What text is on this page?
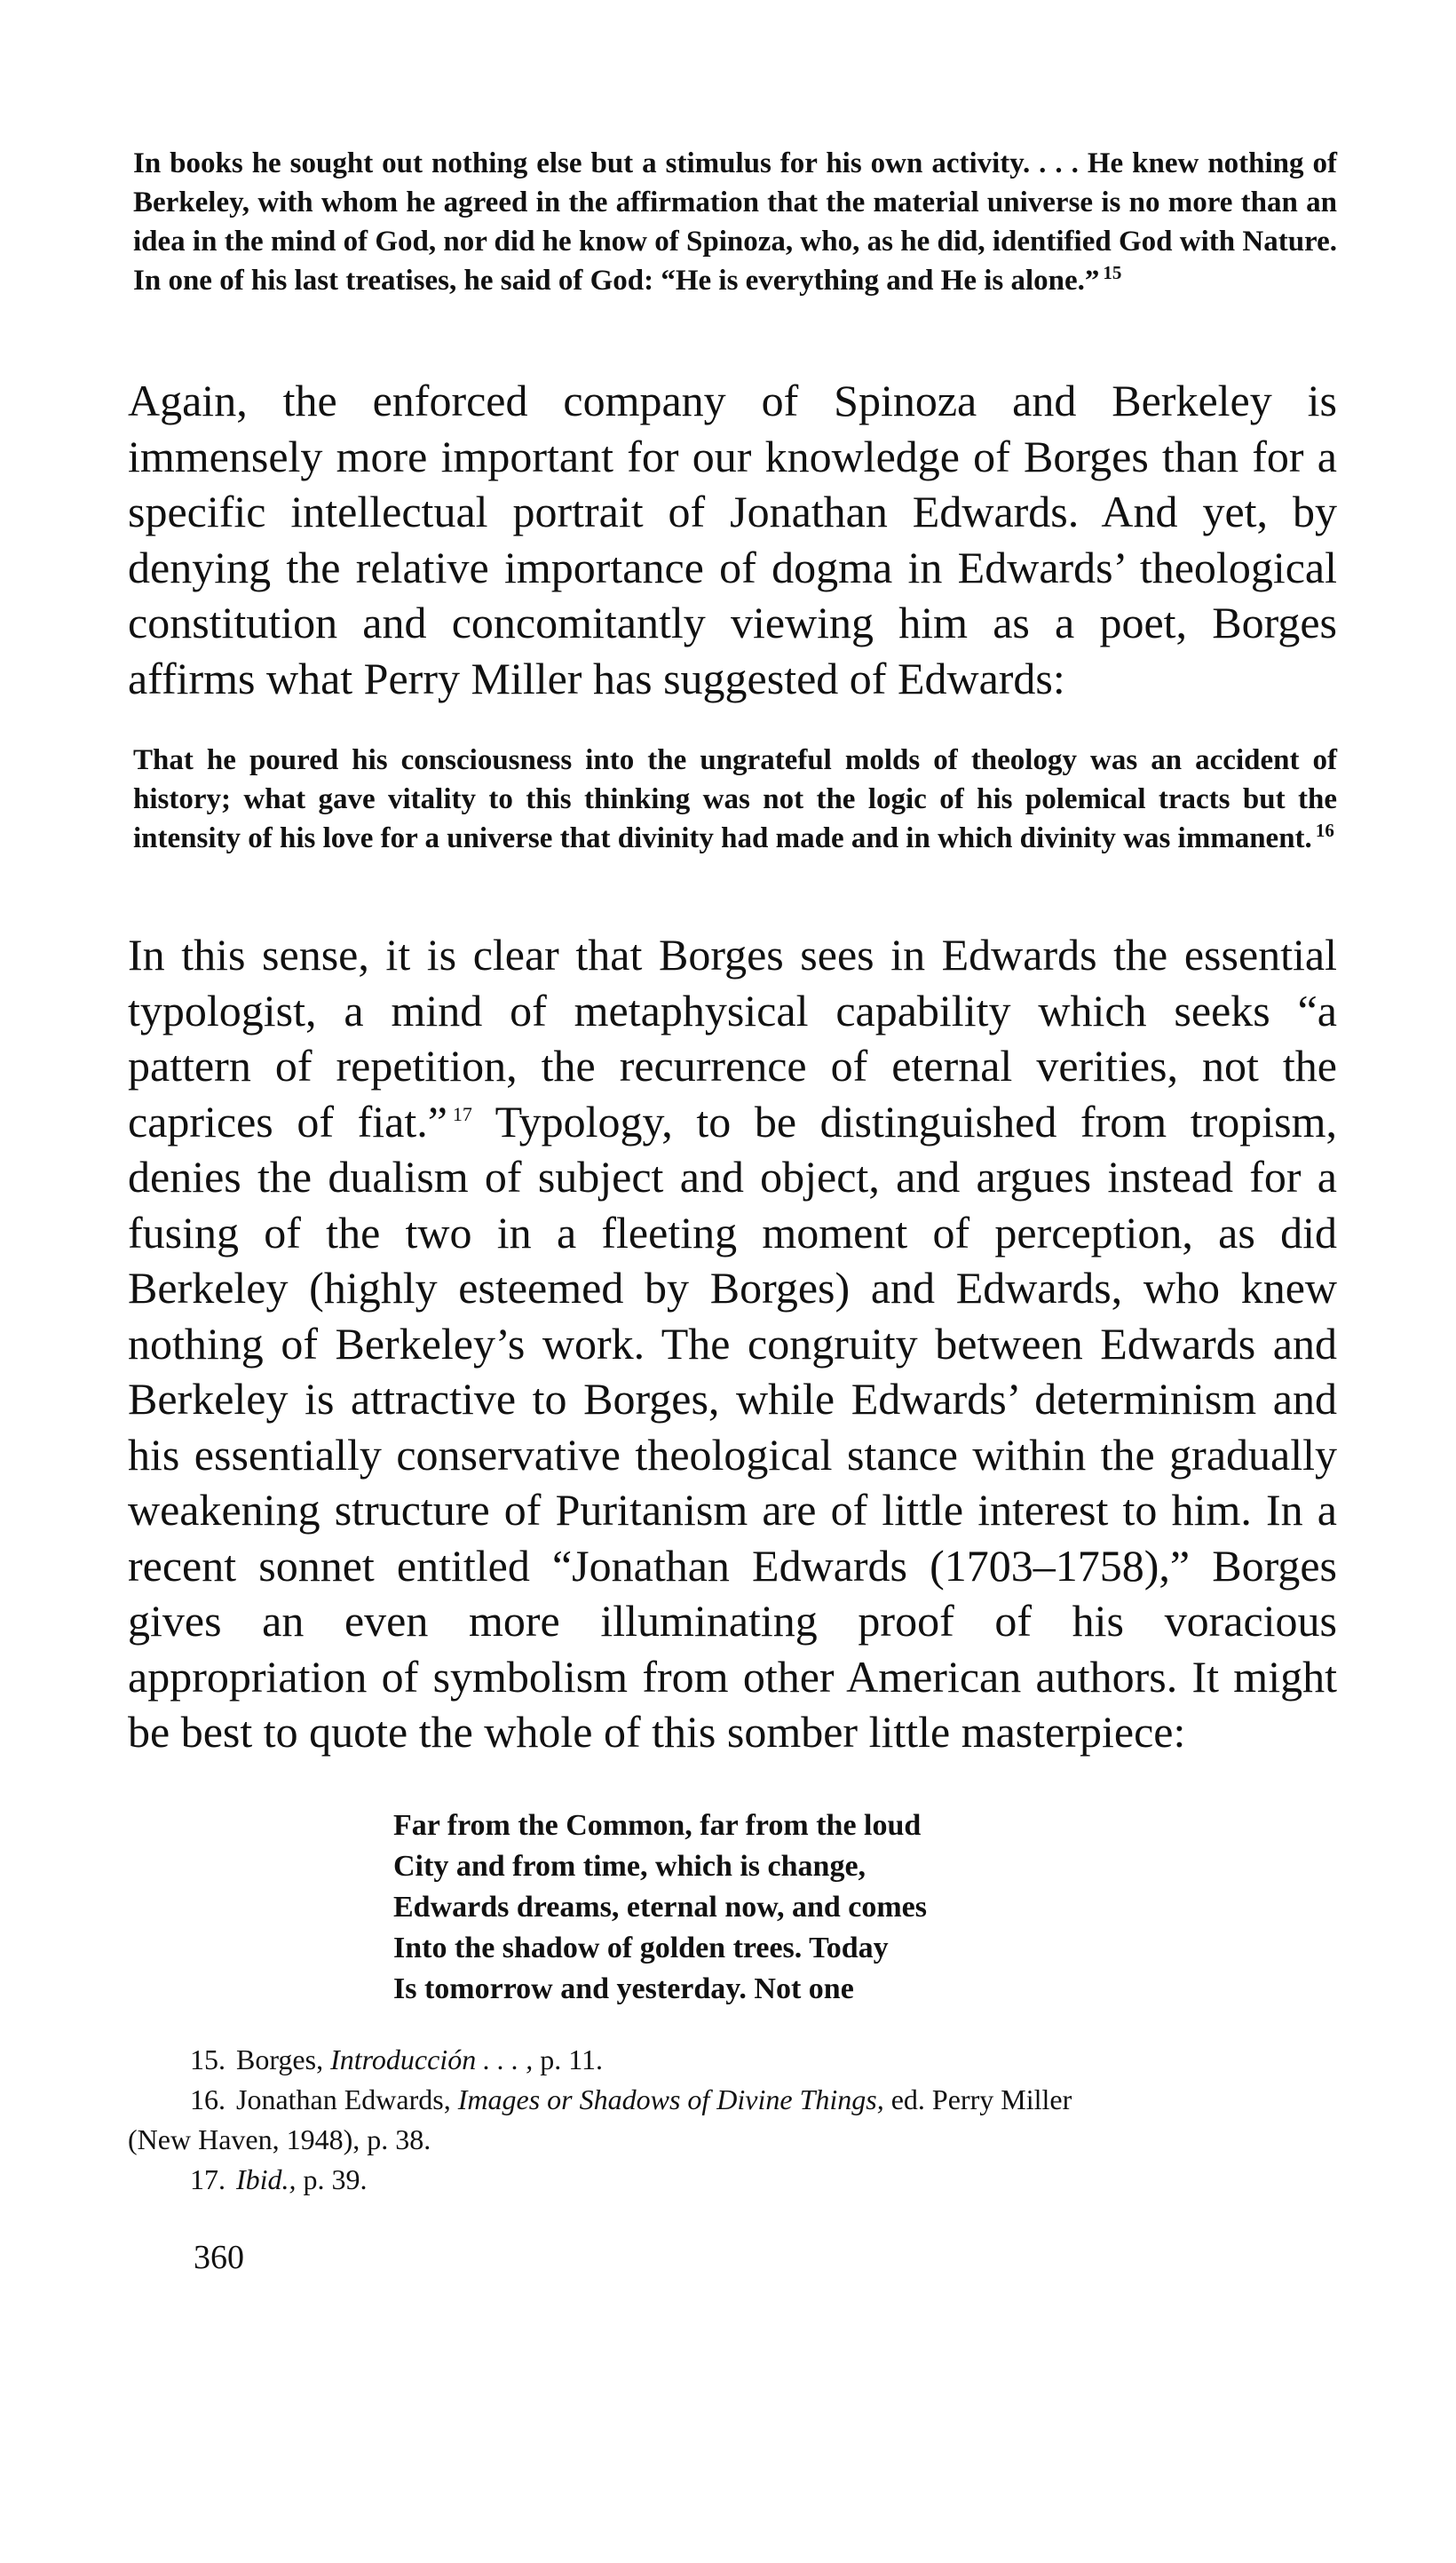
In books he sought out nothing else but a stimulus for his own activity. . . . He knew nothing of Berkeley, with whom he agreed in the affirmation that the material universe is no more than an idea in the mind of God, nor did he know of Spinoza, who, as he did, identified God with Nature. In one of his last treatises, he said of God: “He is everything and He is alone.” $^{15}$
Again, the enforced company of Spinoza and Berkeley is immensely more important for our knowledge of Borges than for a specific intellectual portrait of Jonathan Edwards. And yet, by denying the relative importance of dogma in Edwards’ theological constitution and concomitantly viewing him as a poet, Borges affirms what Perry Miller has suggested of Edwards:
That he poured his consciousness into the ungrateful molds of theology was an accident of history; what gave vitality to this thinking was not the logic of his polemical tracts but the intensity of his love for a universe that divinity had made and in which divinity was immanent. $^{16}$
In this sense, it is clear that Borges sees in Edwards the essential typologist, a mind of metaphysical capability which seeks “a pattern of repetition, the recurrence of eternal verities, not the caprices of fiat.” $^{17}$ Typology, to be distinguished from tropism, denies the dualism of subject and object, and argues instead for a fusing of the two in a fleeting moment of perception, as did Berkeley (highly esteemed by Borges) and Edwards, who knew nothing of Berkeley’s work. The congruity between Edwards and Berkeley is attractive to Borges, while Edwards’ determinism and his essentially conservative theological stance within the gradually weakening structure of Puritanism are of little interest to him. In a recent sonnet entitled “Jonathan Edwards (1703–1758),” Borges gives an even more illuminating proof of his voracious appropriation of symbolism from other American authors. It might be best to quote the whole of this somber little masterpiece:
Far from the Common, far from the loud
City and from time, which is change,
Edwards dreams, eternal now, and comes
Into the shadow of golden trees. Today
Is tomorrow and yesterday. Not one
15. Borges, Introducción . . . , p. 11.
16. Jonathan Edwards, Images or Shadows of Divine Things, ed. Perry Miller
(New Haven, 1948), p. 38.
17. Ibid., p. 39.
360
